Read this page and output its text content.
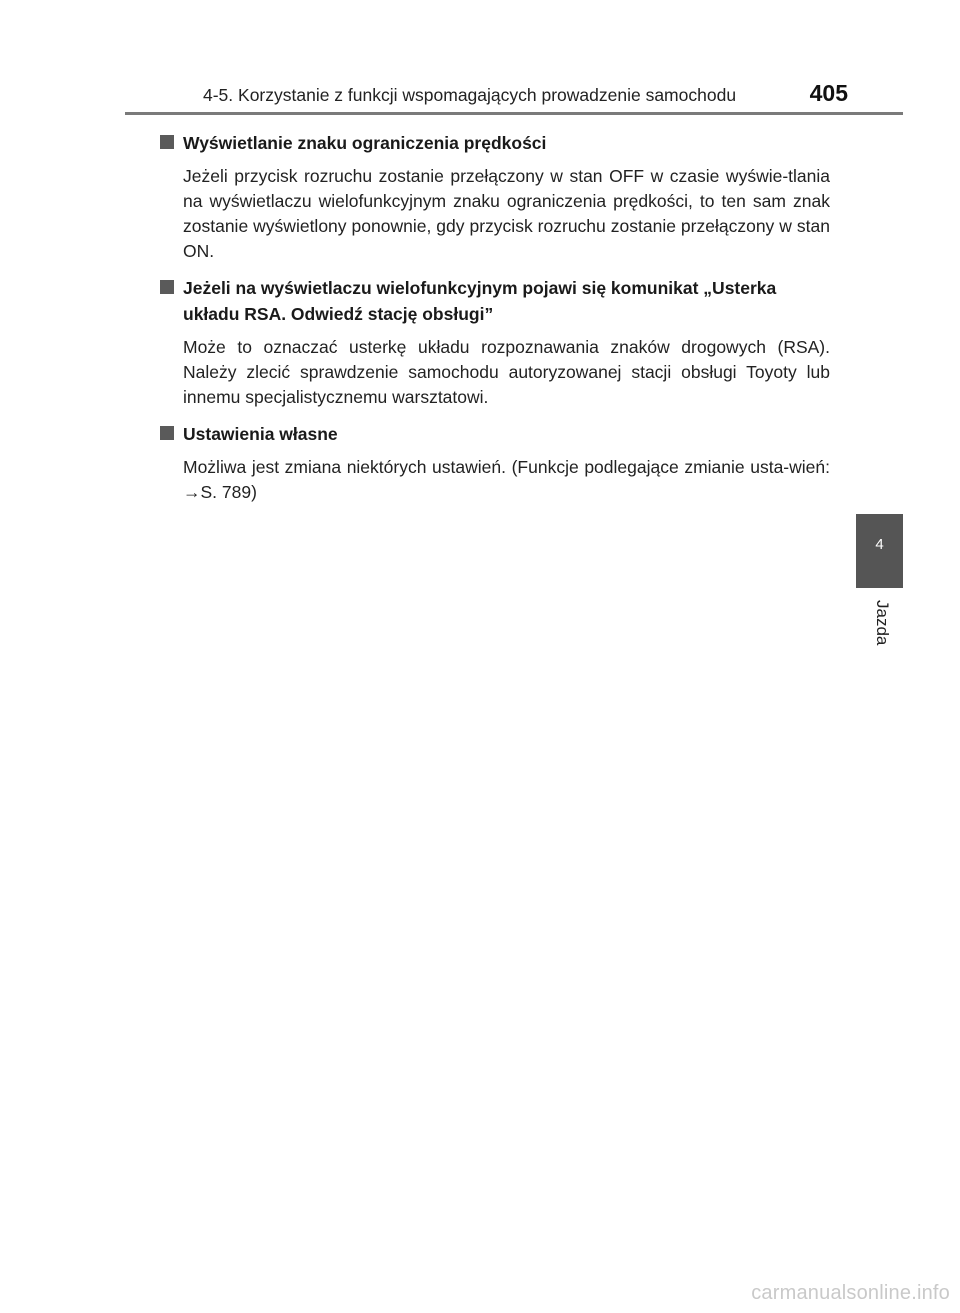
4-5. Korzystanie z funkcji wspomagających prowadzenie samochodu	405
Wyświetlanie znaku ograniczenia prędkości
Jeżeli przycisk rozruchu zostanie przełączony w stan OFF w czasie wyświe-tlania na wyświetlaczu wielofunkcyjnym znaku ograniczenia prędkości, to ten sam znak zostanie wyświetlony ponownie, gdy przycisk rozruchu zostanie przełączony w stan ON.
Jeżeli na wyświetlaczu wielofunkcyjnym pojawi się komunikat „Usterka układu RSA. Odwiedź stację obsługi”
Może to oznaczać usterkę układu rozpoznawania znaków drogowych (RSA). Należy zlecić sprawdzenie samochodu autoryzowanej stacji obsługi Toyoty lub innemu specjalistycznemu warsztatowi.
Ustawienia własne
Możliwa jest zmiana niektórych ustawień. (Funkcje podlegające zmianie usta-wień: →S. 789)
4
Jazda
carmanualsonline.info
